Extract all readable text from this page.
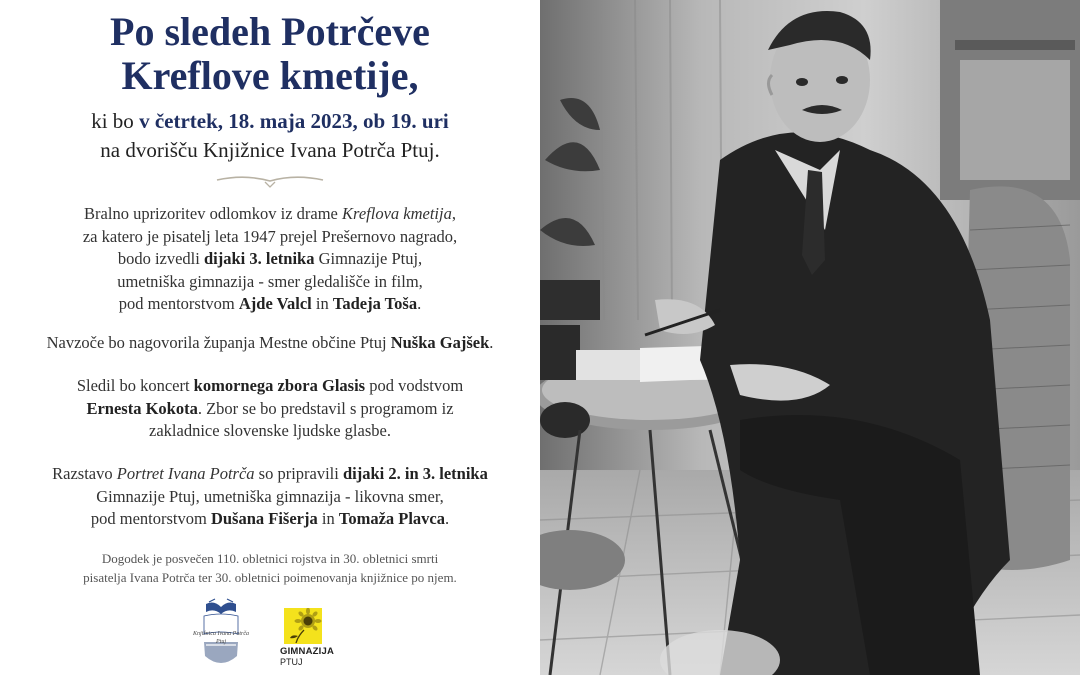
Po sledeh Potrčeve
Kreflove kmetije,
ki bo v četrtek, 18. maja 2023, ob 19. uri
na dvorišču Knjižnice Ivana Potrča Ptuj.
Bralno uprizoritev odlomkov iz drame Kreflova kmetija,
za katero je pisatelj leta 1947 prejel Prešernovo nagrado,
bodo izvedli dijaki 3. letnika Gimnazije Ptuj,
umetniška gimnazija - smer gledališče in film,
pod mentorstvom Ajde Valcl in Tadeja Toša.
Navzoče bo nagovorila županja Mestne občine Ptuj Nuška Gajšek.
Sledil bo koncert komornega zbora Glasis pod vodstvom
Ernesta Kokota. Zbor se bo predstavil s programom iz
zakladnice slovenske ljudske glasbe.
Razstavo Portret Ivana Potrča so pripravili dijaki 2. in 3. letnika
Gimnazije Ptuj, umetniška gimnazija - likovna smer,
pod mentorstvom Dušana Fišerja in Tomaža Plavca.
Dogodek je posvečen 110. obletnici rojstva in 30. obletnici smrti
pisatelja Ivana Potrča ter 30. obletnici poimenovanja knjižnice po njem.
Knjižnica Ivana Potrča
Ptuj
GIMNAZIJA
PTUJ
